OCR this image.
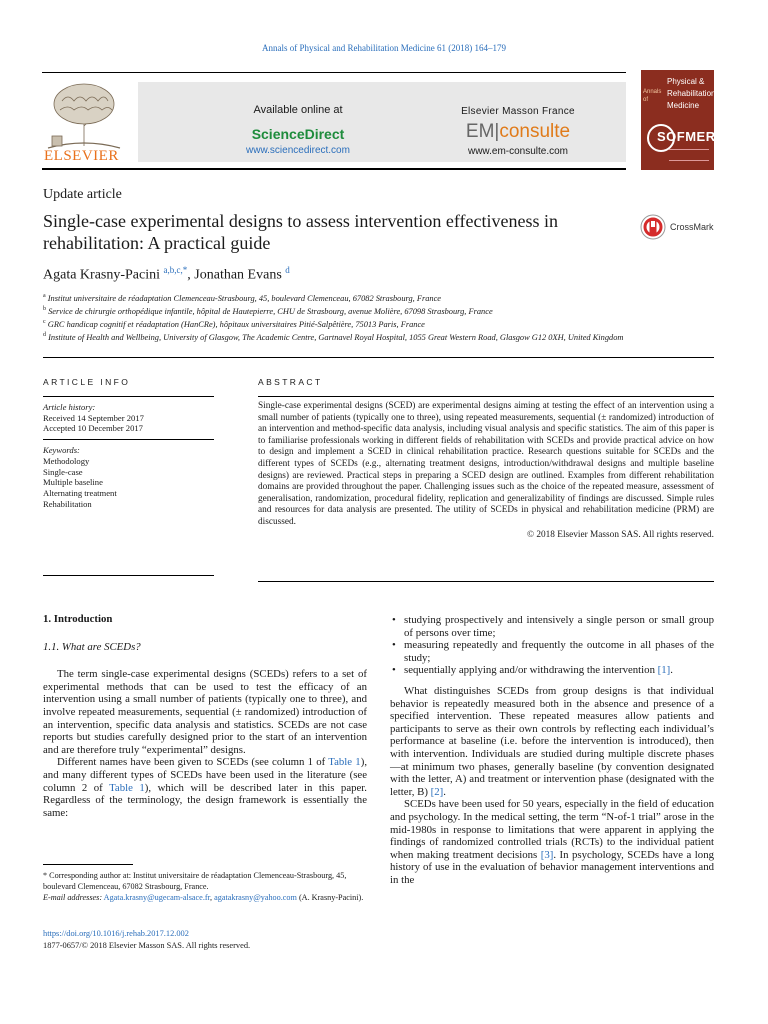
Annals of Physical and Rehabilitation Medicine 61 (2018) 164–179
ELSEVIER
Available online at
ScienceDirect
www.sciencedirect.com
Elsevier Masson France
EM|consulte
www.em-consulte.com
Annals of
Physical &
Rehabilitation
Medicine
SOFMER
Update article
Single-case experimental designs to assess intervention effectiveness in rehabilitation: A practical guide
CrossMark
Agata Krasny-Pacini $^{a,b,c,*}$, Jonathan Evans $^d$
$^a$ Institut universitaire de réadaptation Clemenceau-Strasbourg, 45, boulevard Clemenceau, 67082 Strasbourg, France
$^b$ Service de chirurgie orthopédique infantile, hôpital de Hautepierre, CHU de Strasbourg, avenue Molière, 67098 Strasbourg, France
$^c$ GRC handicap cognitif et réadaptation (HanCRe), hôpitaux universitaires Pitié-Salpêtière, 75013 Paris, France
$^d$ Institute of Health and Wellbeing, University of Glasgow, The Academic Centre, Gartnavel Royal Hospital, 1055 Great Western Road, Glasgow G12 0XH, United Kingdom
ARTICLE INFO	ABSTRACT
Article history:
Received 14 September 2017
Accepted 10 December 2017
Keywords:
Methodology
Single-case
Multiple baseline
Alternating treatment
Rehabilitation
Single-case experimental designs (SCED) are experimental designs aiming at testing the effect of an intervention using a small number of patients (typically one to three), using repeated measurements, sequential (± randomized) introduction of an intervention and method-specific data analysis, including visual analysis and specific statistics. The aim of this paper is to familiarise professionals working in different fields of rehabilitation with SCEDs and provide practical advice on how to design and implement a SCED in clinical rehabilitation practice. Research questions suitable for SCEDs and the different types of SCEDs (e.g., alternating treatment designs, introduction/withdrawal designs and multiple baseline designs) are reviewed. Practical steps in preparing a SCED design are outlined. Examples from different rehabilitation domains are provided throughout the paper. Challenging issues such as the choice of the repeated measure, assessment of generalisation, randomization, procedural fidelity, replication and generalizability of findings are discussed. Simple rules and resources for data analysis are presented. The utility of SCEDs in physical and rehabilitation medicine (PRM) are discussed.
© 2018 Elsevier Masson SAS. All rights reserved.

1. Introduction

1.1. What are SCEDs?

The term single-case experimental designs (SCEDs) refers to a set of experimental methods that can be used to test the efficacy of an intervention using a small number of patients (typically one to three), and involve repeated measurements, sequential (± randomized) introduction of an intervention, specific data analysis and statistics. SCEDs are not case reports but studies carefully designed prior to the start of an intervention and are therefore truly “experimental” designs.

Different names have been given to SCEDs (see column 1 of Table 1), and many different types of SCEDs have been used in the literature (see column 2 of Table 1), which will be described later in this paper. Regardless of the terminology, the design framework is essentially the same:

• studying prospectively and intensively a single person or small group of persons over time;
• measuring repeatedly and frequently the outcome in all phases of the study;
• sequentially applying and/or withdrawing the intervention [1].

What distinguishes SCEDs from group designs is that individual behavior is repeatedly measured both in the absence and presence of a specified intervention. These repeated measures allow patients and participants to serve as their own controls by reflecting each individual’s performance at baseline (i.e. before the intervention is introduced), then with intervention. Individuals are studied during multiple discrete phases—at minimum two phases, generally baseline (by convention designated with the letter, A) and treatment or intervention phase (designated with the letter, B) [2].

SCEDs have been used for 50 years, especially in the field of education and psychology. In the medical setting, the term “N-of-1 trial” arose in the mid-1980s in response to limitations that were apparent in applying the findings of randomized controlled trials (RCTs) to the individual patient when making treatment decisions [3]. In psychology, SCEDs have a long history of use in the evaluation of behavior management interventions and in the

* Corresponding author at: Institut universitaire de réadaptation Clemenceau-Strasbourg, 45, boulevard Clemenceau, 67082 Strasbourg, France.
E-mail addresses: Agata.krasny@ugecam-alsace.fr, agatakrasny@yahoo.com (A. Krasny-Pacini).
https://doi.org/10.1016/j.rehab.2017.12.002
1877-0657/© 2018 Elsevier Masson SAS. All rights reserved.
